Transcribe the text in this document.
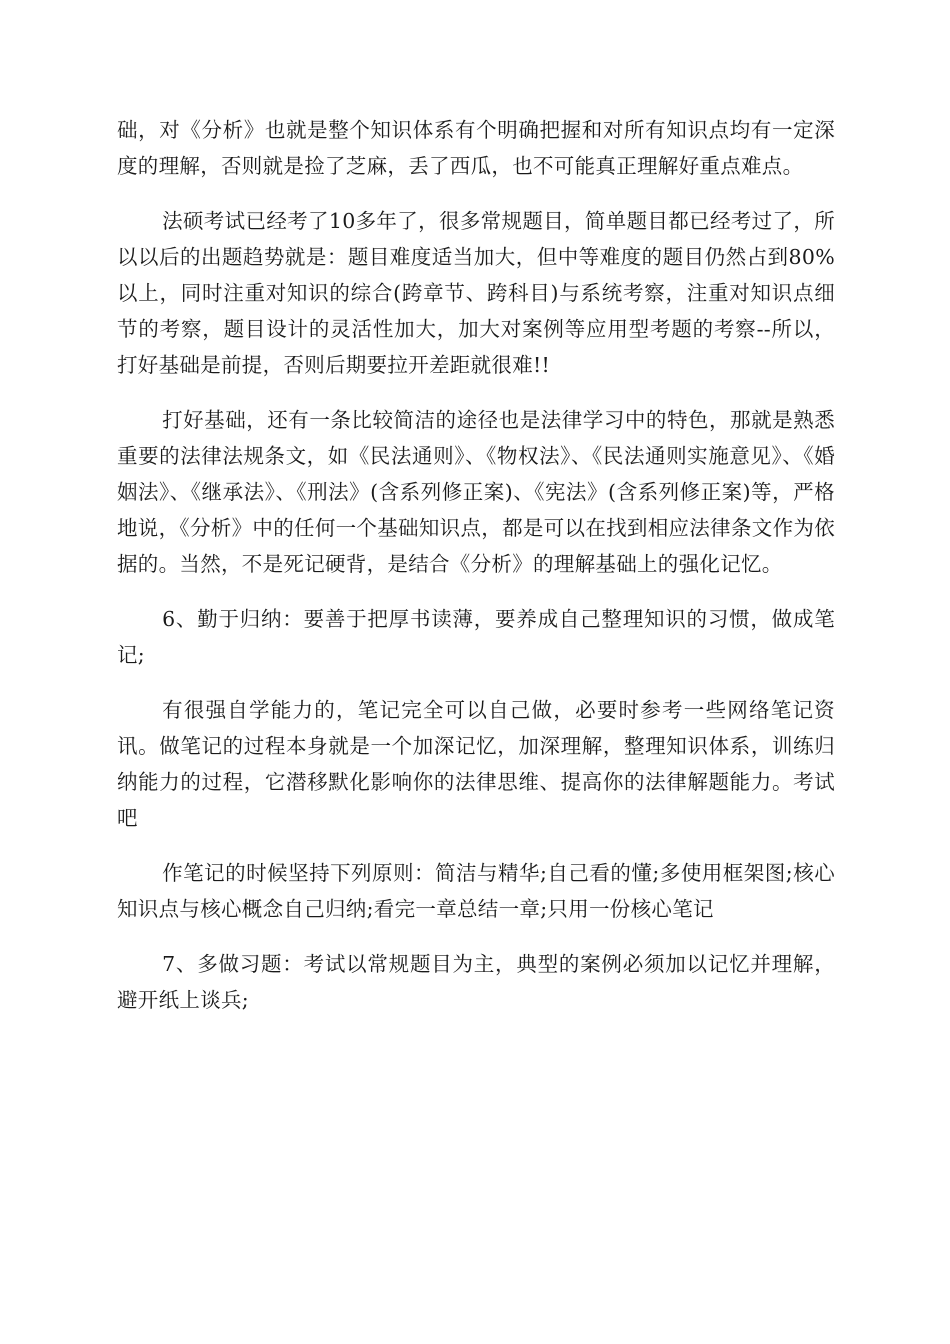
础，对《分析》也就是整个知识体系有个明确把握和对所有知识点均有一定深度的理解，否则就是捡了芝麻，丢了西瓜，也不可能真正理解好重点难点。

法硕考试已经考了10多年了，很多常规题目，简单题目都已经考过了，所以以后的出题趋势就是：题目难度适当加大，但中等难度的题目仍然占到80%以上，同时注重对知识的综合(跨章节、跨科目)与系统考察，注重对知识点细节的考察，题目设计的灵活性加大，加大对案例等应用型考题的考察--所以，打好基础是前提，否则后期要拉开差距就很难!!

打好基础，还有一条比较简洁的途径也是法律学习中的特色，那就是熟悉重要的法律法规条文，如《民法通则》、《物权法》、《民法通则实施意见》、《婚姻法》、《继承法》、《刑法》(含系列修正案)、《宪法》(含系列修正案)等，严格地说，《分析》中的任何一个基础知识点，都是可以在找到相应法律条文作为依据的。当然，不是死记硬背，是结合《分析》的理解基础上的强化记忆。

6、勤于归纳：要善于把厚书读薄，要养成自己整理知识的习惯，做成笔记;

有很强自学能力的，笔记完全可以自己做，必要时参考一些网络笔记资讯。做笔记的过程本身就是一个加深记忆，加深理解，整理知识体系，训练归纳能力的过程，它潜移默化影响你的法律思维、提高你的法律解题能力。考试吧

作笔记的时候坚持下列原则：简洁与精华;自己看的懂;多使用框架图;核心知识点与核心概念自己归纳;看完一章总结一章;只用一份核心笔记

7、多做习题：考试以常规题目为主，典型的案例必须加以记忆并理解，避开纸上谈兵;
